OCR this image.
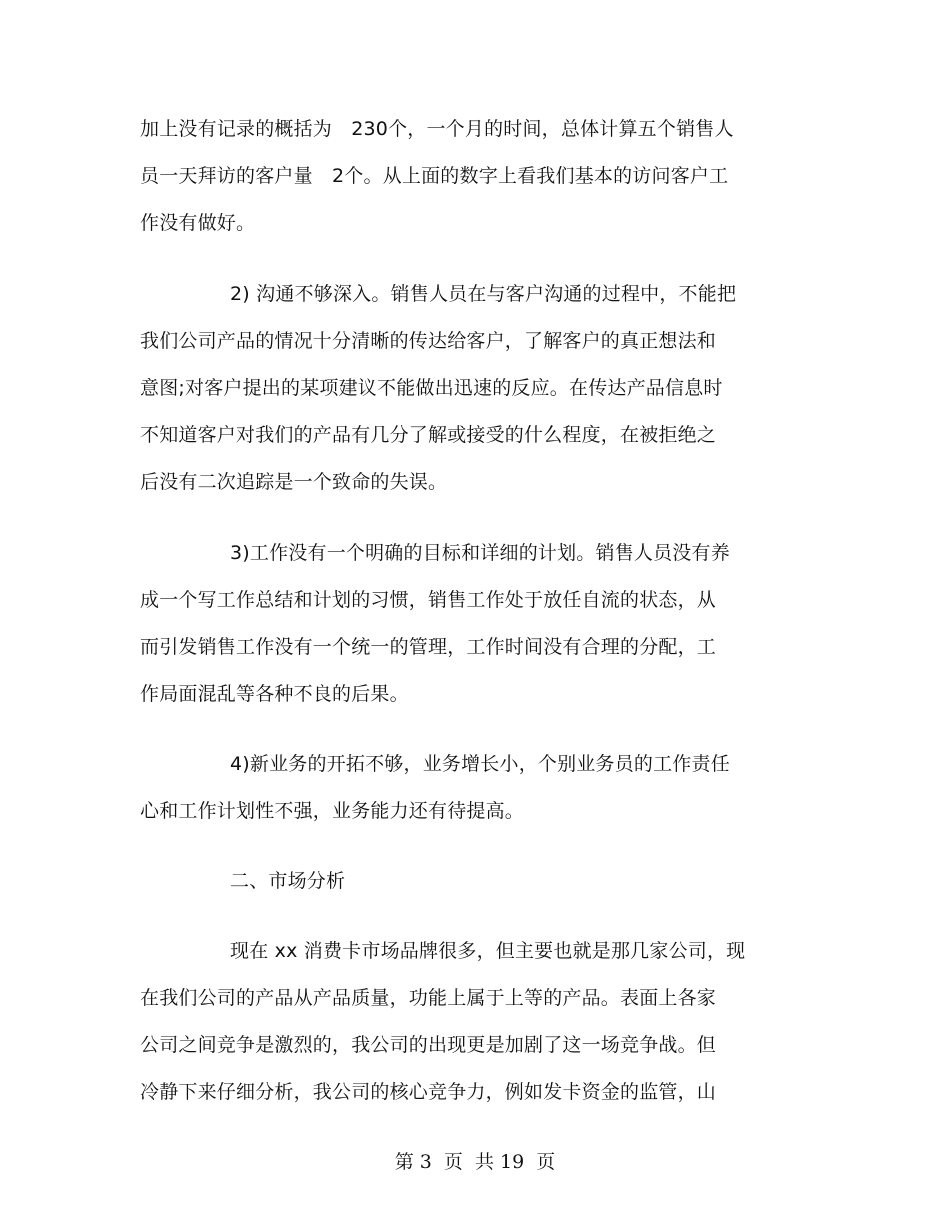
加上没有记录的概括为　230个，一个月的时间，总体计算五个销售人
员一天拜访的客户量　2个。从上面的数字上看我们基本的访问客户工
作没有做好。
2) 沟通不够深入。销售人员在与客户沟通的过程中，不能把
我们公司产品的情况十分清晰的传达给客户，了解客户的真正想法和
意图;对客户提出的某项建议不能做出迅速的反应。在传达产品信息时
不知道客户对我们的产品有几分了解或接受的什么程度，在被拒绝之
后没有二次追踪是一个致命的失误。
3)工作没有一个明确的目标和详细的计划。销售人员没有养
成一个写工作总结和计划的习惯，销售工作处于放任自流的状态，从
而引发销售工作没有一个统一的管理，工作时间没有合理的分配，工
作局面混乱等各种不良的后果。
4)新业务的开拓不够，业务增长小，个别业务员的工作责任
心和工作计划性不强，业务能力还有待提高。
二、市场分析
现在 xx 消费卡市场品牌很多，但主要也就是那几家公司，现
在我们公司的产品从产品质量，功能上属于上等的产品。表面上各家
公司之间竞争是激烈的，我公司的出现更是加剧了这一场竞争战。但
冷静下来仔细分析，我公司的核心竞争力，例如发卡资金的监管，山
第 3  页  共 19  页
